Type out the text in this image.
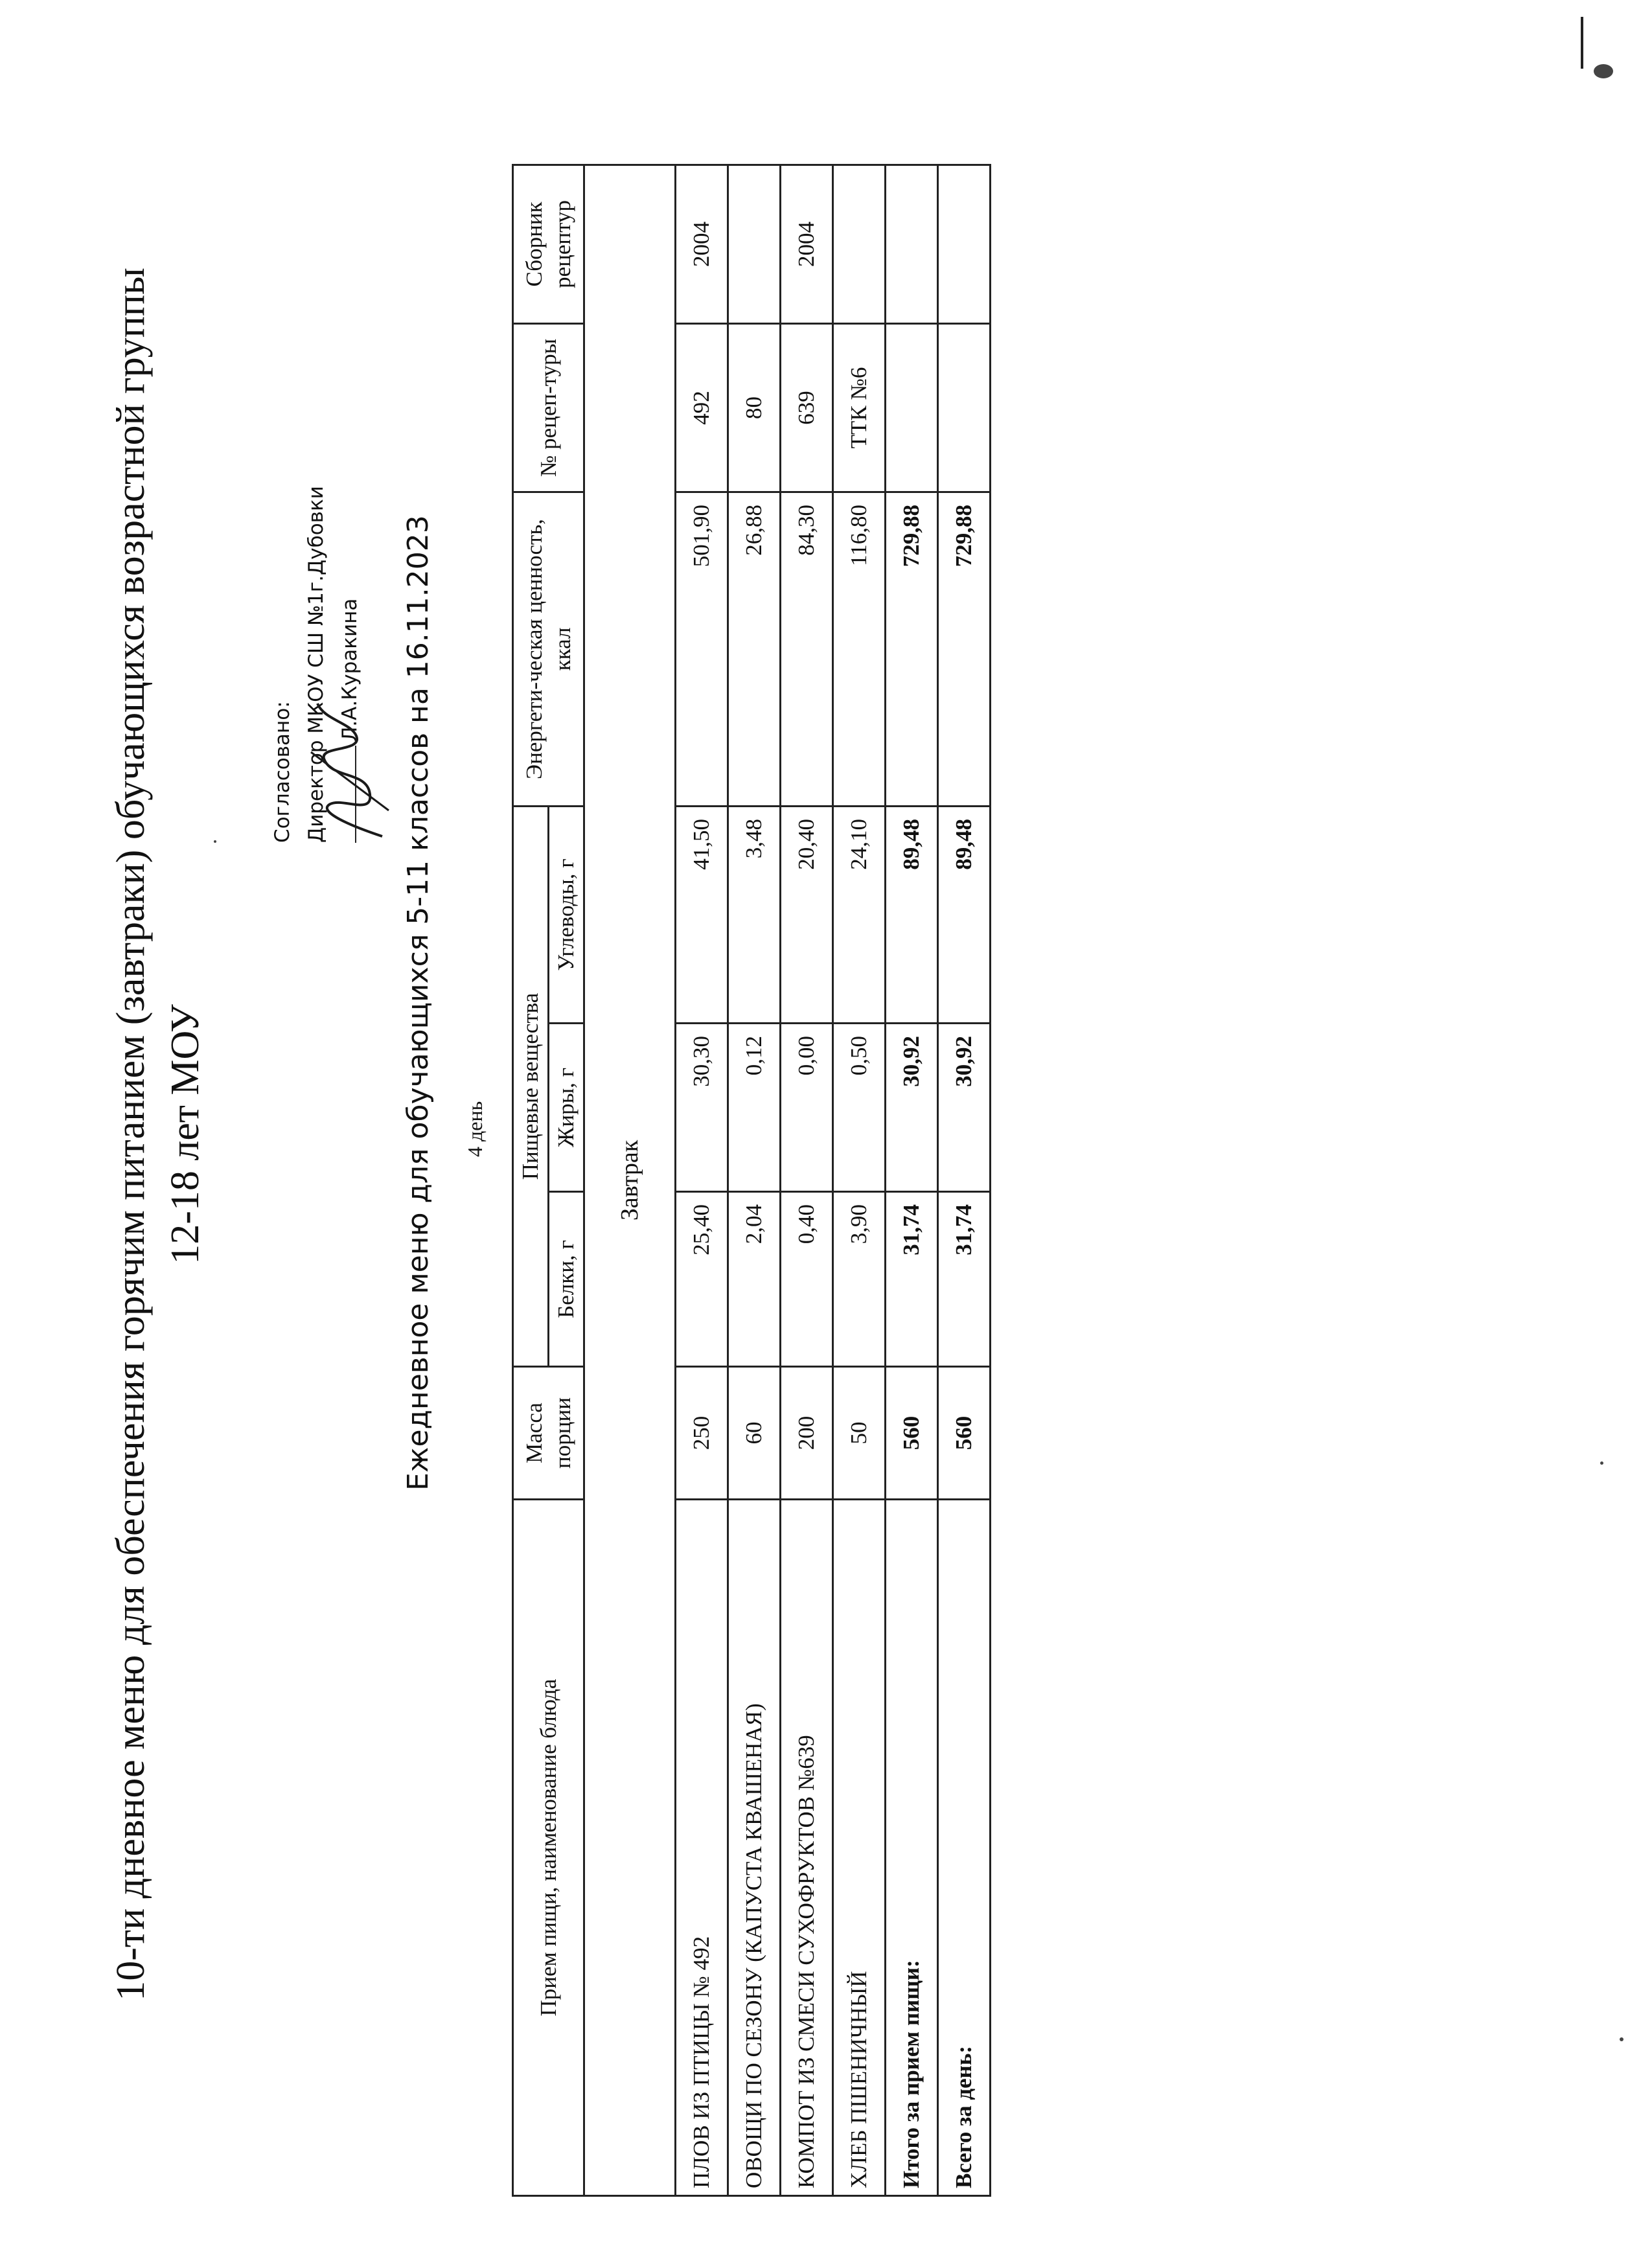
10-ти дневное меню для обеспечения горячим питанием (завтраки) обучающихся возрастной группы 12-18 лет МОУ
Согласовано: Директор МКОУ СШ №1г.Дубовки Л.А.Куракина Ежедневное меню для обучающихся 5-11 классов на 16.11.2023 4 день
Прием пищи, наименование блюда	Масса порции	Пищевые вещества			Энергети-ческая ценность, ккал	№ рецеп-туры	Сборник рецептур
		Белки, г	Жиры, г	Углеводы, г			
Завтрак							
ПЛОВ ИЗ ПТИЦЫ № 492	250	25,40	30,30	41,50	501,90	492	2004
ОВОЩИ ПО СЕЗОНУ (КАПУСТА КВАШЕНАЯ)	60	2,04	0,12	3,48	26,88	80	
КОМПОТ ИЗ СМЕСИ СУХОФРУКТОВ №639	200	0,40	0,00	20,40	84,30	639	2004
ХЛЕБ ПШЕНИЧНЫЙ	50	3,90	0,50	24,10	116,80	ТТК №6	
Итого за прием пищи:	560	31,74	30,92	89,48	729,88		
Всего за день:	560	31,74	30,92	89,48	729,88		
